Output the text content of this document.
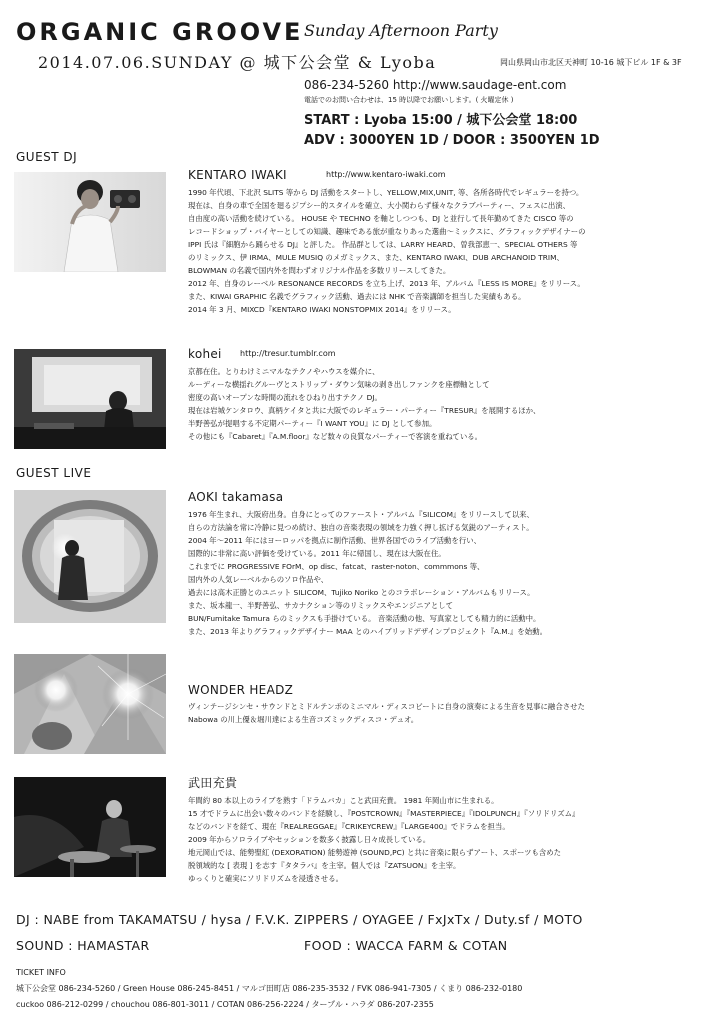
ORGANIC GROOVE Sunday Afternoon Party
2014.07.06.SUNDAY @ 城下公会堂 & Lyoba	岡山県岡山市北区天神町 10-16 城下ビル 1F & 3F
086-234-5260 http://www.saudage-ent.com
電話でのお問い合わせは、15 時以降でお願いします。( 火曜定休 )
START : Lyoba 15:00 / 城下公会堂 18:00
ADV : 3000YEN 1D / DOOR : 3500YEN 1D
GUEST DJ
KENTARO IWAKI	http://www.kentaro-iwaki.com
1990 年代頃、下北沢 SLITS 等から DJ 活動をスタートし、YELLOW,MIX,UNIT, 等、各所各時代でレギュラーを持つ。
現在は、自身の車で全国を廻るジプシー的スタイルを確立、大小関わらず様々なクラブパーティー、フェスに出演、
自由度の高い活動を続けている。 HOUSE や TECHNO を軸としつつも、DJ と並行して長年勤めてきた CISCO 等の
レコードショップ・バイヤーとしての知識、趣味である旅が重なりあった選曲〜ミックスに、グラフィックデザイナーの
IPPI 氏は『細胞から踊らせる DJ』と評した。 作品群としては、LARRY HEARD、曽我部恵一、SPECIAL OTHERS 等
のリミックス、伊 IRMA、MULE MUSIQ のメガミックス、また、KENTARO IWAKI、DUB ARCHANOID TRIM、
BLOWMAN の名義で国内外を問わずオリジナル作品を多数リリースしてきた。
2012 年、自身のレーベル RESONANCE RECORDS を立ち上げ、2013 年、アルバム『LESS IS MORE』をリリース。
また、KIWAI GRAPHIC 名義でグラフィック活動、過去には NHK で音楽講師を担当した実績もある。
2014 年 3 月、MIXCD『KENTARO IWAKI NONSTOPMIX 2014』をリリース。
kohei http://tresur.tumblr.com
京都在住。とりわけミニマルなテクノやハウスを媒介に、
ルーディーな横揺れグルーヴとストリップ・ダウン気味の剥き出しファンクを座標軸として
密度の高いオープンな時間の流れをひねり出すテクノ DJ。
現在は岩城ケンタロウ、真柄ケイタと共に大阪でのレギュラー・パーティー『TRESUR』を展開するほか、
半野善弘が提唱する不定期パーティー『I WANT YOU』に DJ として参加。
その他にも『Cabaret』『A.M.floor』など数々の良質なパーティーで客演を重ねている。
GUEST LIVE
AOKI takamasa
1976 年生まれ、大阪府出身。自身にとってのファースト・アルバム『SILICOM』をリリースして以来、
自らの方法論を常に冷静に見つめ続け、独自の音楽表現の領域を力強く押し拡げる気鋭のアーティスト。
2004 年〜2011 年にはヨーロッパを拠点に制作活動、世界各国でのライブ活動を行い、
国際的に非常に高い評価を受けている。2011 年に帰国し、現在は大阪在住。
これまでに PROGRESSIVE FOrM、op disc、fatcat、raster-noton、commmons 等、
国内外の人気レーベルからのソロ作品や、
過去には高木正勝とのユニット SILICOM、Tujiko Noriko とのコラボレーション・アルバムもリリース。
また、坂本龍一、半野善弘、サカナクション等のリミックスやエンジニアとして
BUN/Fumitake Tamura らのミックスも手掛けている。 音楽活動の他、写真家としても精力的に活動中。
また、2013 年よりグラフィックデザイナー MAA とのハイブリッドデザインプロジェクト『A.M.』を始動。
WONDER HEADZ
ヴィンテージシンセ・サウンドとミドルテンポのミニマル・ディスコビートに自身の演奏による生音を見事に融合させた
Nabowa の川上優＆堀川達による生音コズミックディスコ・デュオ。
武田充貴
年間約 80 本以上のライブを熟す「ドラムバカ」こと武田充貴。 1981 年岡山市に生まれる。
15 才でドラムに出会い数々のバンドを経験し、『POSTCROWN』『MASTERPIECE』『IDOLPUNCH』『ソリドリズム』
などのバンドを経て、現在『REALREGGAE』『CRIKEYCREW』『LARGE400』でドラムを担当。
2009 年からソロライブやセッションを数多く披露し日々成長している。
地元岡山では、能勢聖紅 (DEXORATION) 能勢遊神 (SOUND,PC) と共に音楽に限らずアート、スポーツも含めた
脱領域的な [ 表現 ] を志す『タタラバ』を主宰。個人では『ZATSUON』を主宰。
ゆっくりと確実にソリドリズムを浸透させる。
DJ : NABE from TAKAMATSU / hysa / F.V.K. ZIPPERS / OYAGEE / FxJxTx / Duty.sf / MOTO
SOUND : HAMASTAR	FOOD : WACCA FARM & COTAN
TICKET INFO
城下公会堂 086-234-5260 / Green House 086-245-8451 / マルゴ田町店 086-235-3532 / FVK 086-941-7305 / くまり 086-232-0180
cuckoo 086-212-0299 / chouchou 086-801-3011 / COTAN 086-256-2224 / タープル・ハラダ 086-207-2355
